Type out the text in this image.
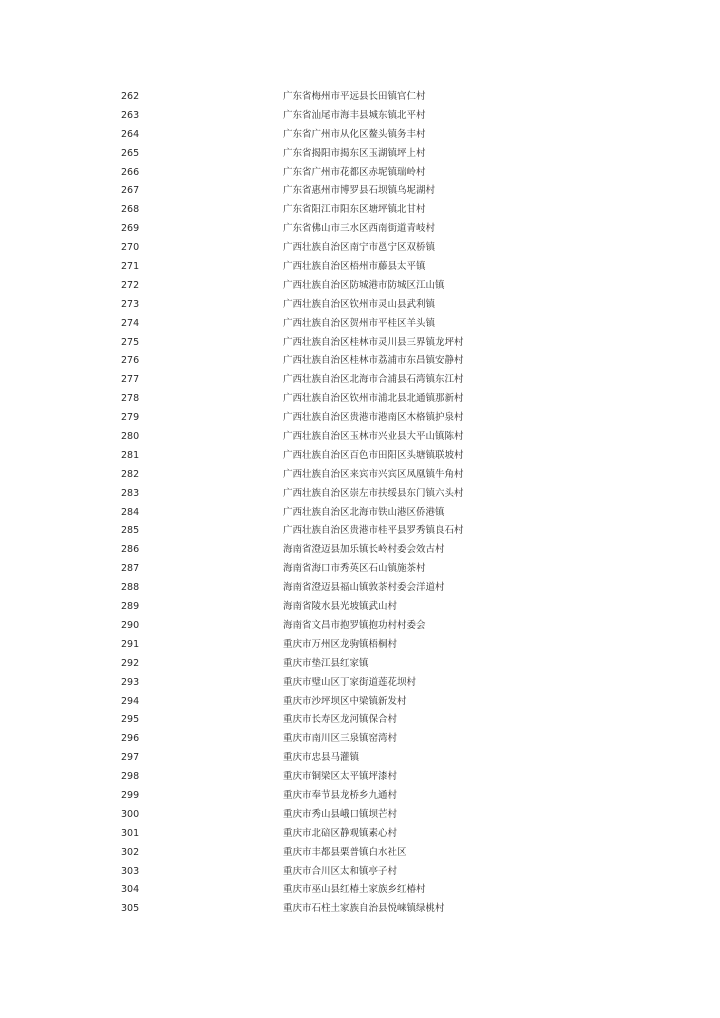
262	广东省梅州市平远县长田镇官仁村
263	广东省汕尾市海丰县城东镇北平村
264	广东省广州市从化区鳌头镇务丰村
265	广东省揭阳市揭东区玉湖镇坪上村
266	广东省广州市花都区赤坭镇瑞岭村
267	广东省惠州市博罗县石坝镇乌坭湖村
268	广东省阳江市阳东区塘坪镇北甘村
269	广东省佛山市三水区西南街道青岐村
270	广西壮族自治区南宁市邕宁区双桥镇
271	广西壮族自治区梧州市藤县太平镇
272	广西壮族自治区防城港市防城区江山镇
273	广西壮族自治区钦州市灵山县武利镇
274	广西壮族自治区贺州市平桂区羊头镇
275	广西壮族自治区桂林市灵川县三界镇龙坪村
276	广西壮族自治区桂林市荔浦市东昌镇安静村
277	广西壮族自治区北海市合浦县石湾镇东江村
278	广西壮族自治区钦州市浦北县北通镇那新村
279	广西壮族自治区贵港市港南区木格镇护泉村
280	广西壮族自治区玉林市兴业县大平山镇陈村
281	广西壮族自治区百色市田阳区头塘镇联坡村
282	广西壮族自治区来宾市兴宾区凤凰镇牛角村
283	广西壮族自治区崇左市扶绥县东门镇六头村
284	广西壮族自治区北海市铁山港区侨港镇
285	广西壮族自治区贵港市桂平县罗秀镇良石村
286	海南省澄迈县加乐镇长岭村委会效古村
287	海南省海口市秀英区石山镇施茶村
288	海南省澄迈县福山镇敦茶村委会洋道村
289	海南省陵水县光坡镇武山村
290	海南省文昌市抱罗镇抱功村村委会
291	重庆市万州区龙驹镇梧桐村
292	重庆市垫江县红家镇
293	重庆市璧山区丁家街道莲花坝村
294	重庆市沙坪坝区中梁镇新发村
295	重庆市长寿区龙河镇保合村
296	重庆市南川区三泉镇窑湾村
297	重庆市忠县马灌镇
298	重庆市铜梁区太平镇坪漆村
299	重庆市奉节县龙桥乡九通村
300	重庆市秀山县峨口镇坝芒村
301	重庆市北碚区静观镇素心村
302	重庆市丰都县栗普镇白水社区
303	重庆市合川区太和镇亭子村
304	重庆市巫山县红椿土家族乡红椿村
305	重庆市石柱土家族自治县悦崃镇绿桃村
